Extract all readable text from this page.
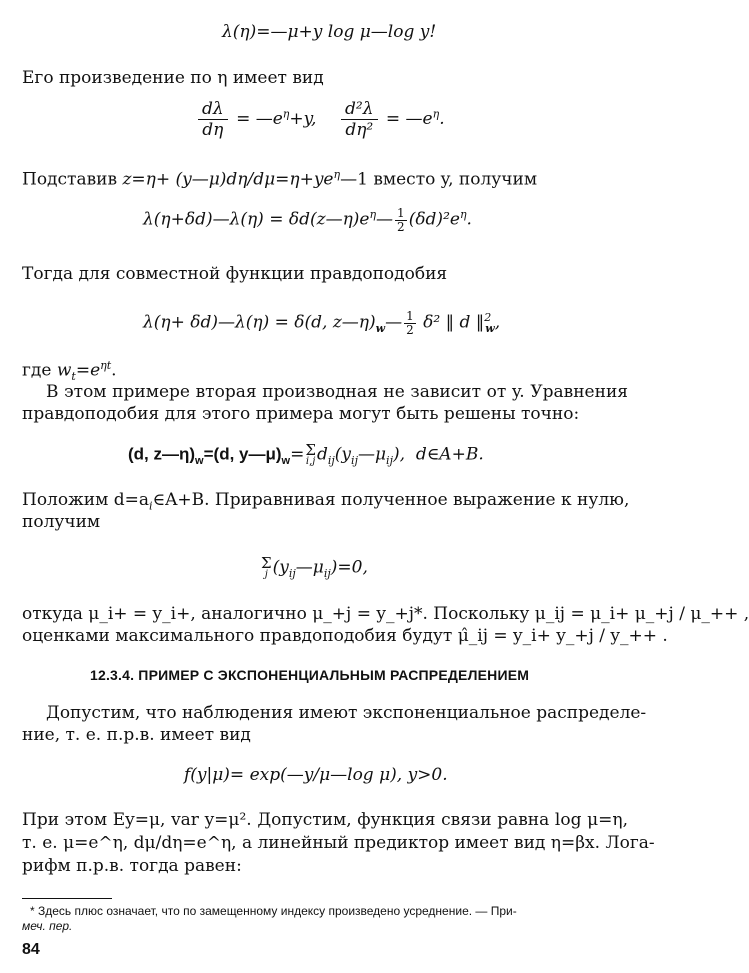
λ(η)=—μ+y log μ—log y!
Его произведение по η имеет вид
$\frac{d\lambda}{d\eta}$ = $—e^\eta+y$, $\frac{\text{d²λ}}{\text{dη²}}$ = $—e^\eta$.
Подставив $z=\eta+ (y—\mu)d\eta/d\mu=\eta+ye^\eta—1$ вместо y, получим
λ(η+δd)—λ(η) = $\delta d(z—\eta)e^\eta— \frac{1}{2} (\delta d)^2e^\eta$.
Тогда для совместной функции правдоподобия
λ(η+ δd)—λ(η) = δ(d, $z—\eta)_w— \frac{1}{2} \delta^2$ ‖ d ‖$^2_w$,
где $w_t=e^{\eta t}$.
В этом примере вторая производная не зависит от y. Уравнения
правдоподобия для этого примера могут быть решены точно:
(d, $z—\eta)_w=(d$, $y—\mu)_w= \Sigma$
i,j $d_{ij}(y_{ij}—\mu_{ij})$, d∈A+B.
Положим $d=a_i\in A+B$. Приравнивая полученное выражение к нулю,
получим
Σ
j $(y_{ij}—\mu_{ij})=0$,
откуда μ_i+ = y_i+, аналогично μ_+j = y_+j*. Поскольку μ_ij = μ_i+ μ_+j / μ_++ ,
оценками максимального правдоподобия будут μ̂_ij = y_i+ y_+j / y_++ .
12.3.4. ПРИМЕР С ЭКСПОНЕНЦИАЛЬНЫМ РАСПРЕДЕЛЕНИЕМ
Допустим, что наблюдения имеют экспоненциальное распределе-
ние, т. е. п.р.в. имеет вид
f(y|μ)= exp(—y/μ—log μ), y>0.
При этом Ey=μ, var y=μ². Допустим, функция связи равна log μ=η,
т. е. μ=e^η, dμ/dη=e^η, а линейный предиктор имеет вид η=βx. Лога-
рифм п.р.в. тогда равен:
* Здесь плюс означает, что по замещенному индексу произведено усреднение. — При-
меч. пер.
84
